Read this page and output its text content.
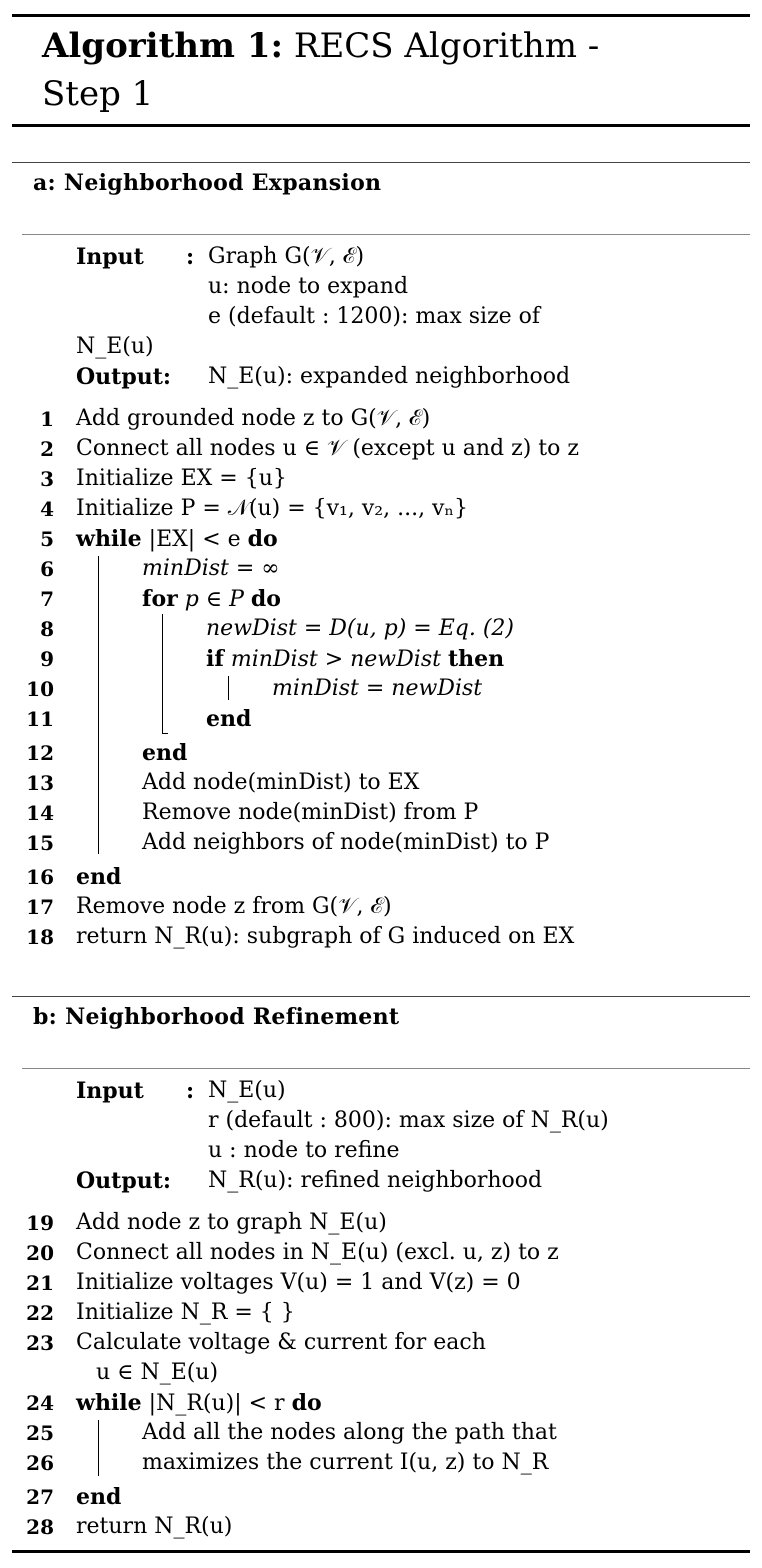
Algorithm 1: RECS Algorithm -
Step 1
a: Neighborhood Expansion
Input : Graph G(𝒱, ℰ)
u: node to expand
e (default : 1200): max size of
N_E(u)
Output: N_E(u): expanded neighborhood
1 Add grounded node z to G(𝒱, ℰ)
2 Connect all nodes u ∈ 𝒱 (except u and z) to z
3 Initialize EX = {u}
4 Initialize P = 𝒩(u) = {v₁, v₂, ..., vₙ}
5 while |EX| < e do
6	minDist = ∞
7	for p ∈ P do
8	newDist = D(u, p) = Eq. (2)
9	if minDist > newDist then
10	minDist = newDist
11	end
12	end
13	Add node(minDist) to EX
14	Remove node(minDist) from P
15	Add neighbors of node(minDist) to P
16 end
17 Remove node z from G(𝒱, ℰ)
18 return N_R(u): subgraph of G induced on EX
b: Neighborhood Refinement
Input : N_E(u)
r (default : 800): max size of N_R(u)
u : node to refine
Output: N_R(u): refined neighborhood
19 Add node z to graph N_E(u)
20 Connect all nodes in N_E(u) (excl. u, z) to z
21 Initialize voltages V(u) = 1 and V(z) = 0
22 Initialize N_R = { }
23 Calculate voltage & current for each
u ∈ N_E(u)
24 while |N_R(u)| < r do
25	Add all the nodes along the path that
26	maximizes the current I(u, z) to N_R
27 end
28 return N_R(u)
